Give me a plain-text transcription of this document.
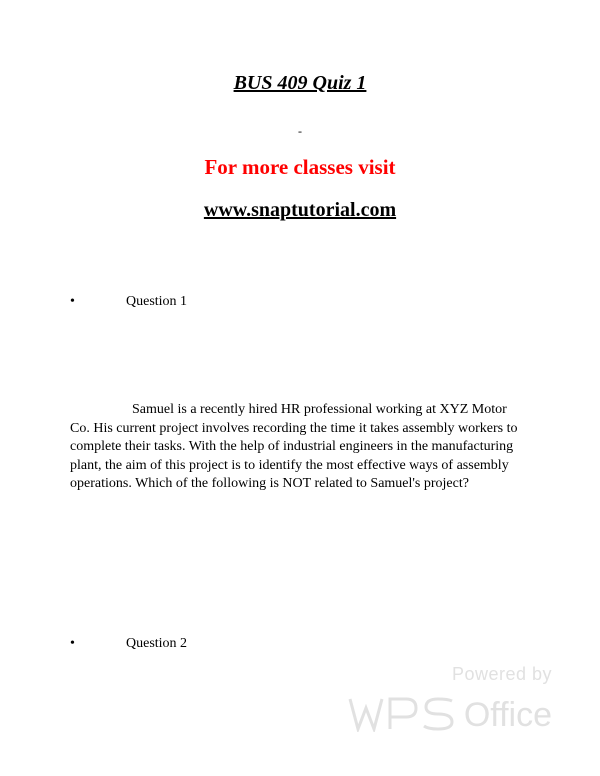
BUS 409 Quiz 1
-
For more classes visit
www.snaptutorial.com
•	Question 1

Samuel is a recently hired HR professional working at XYZ Motor Co. His current project involves recording the time it takes assembly workers to complete their tasks. With the help of industrial engineers in the manufacturing plant, the aim of this project is to identify the most effective ways of assembly operations. Which of the following is NOT related to Samuel's project?

•	Question 2
Powered by
Office
